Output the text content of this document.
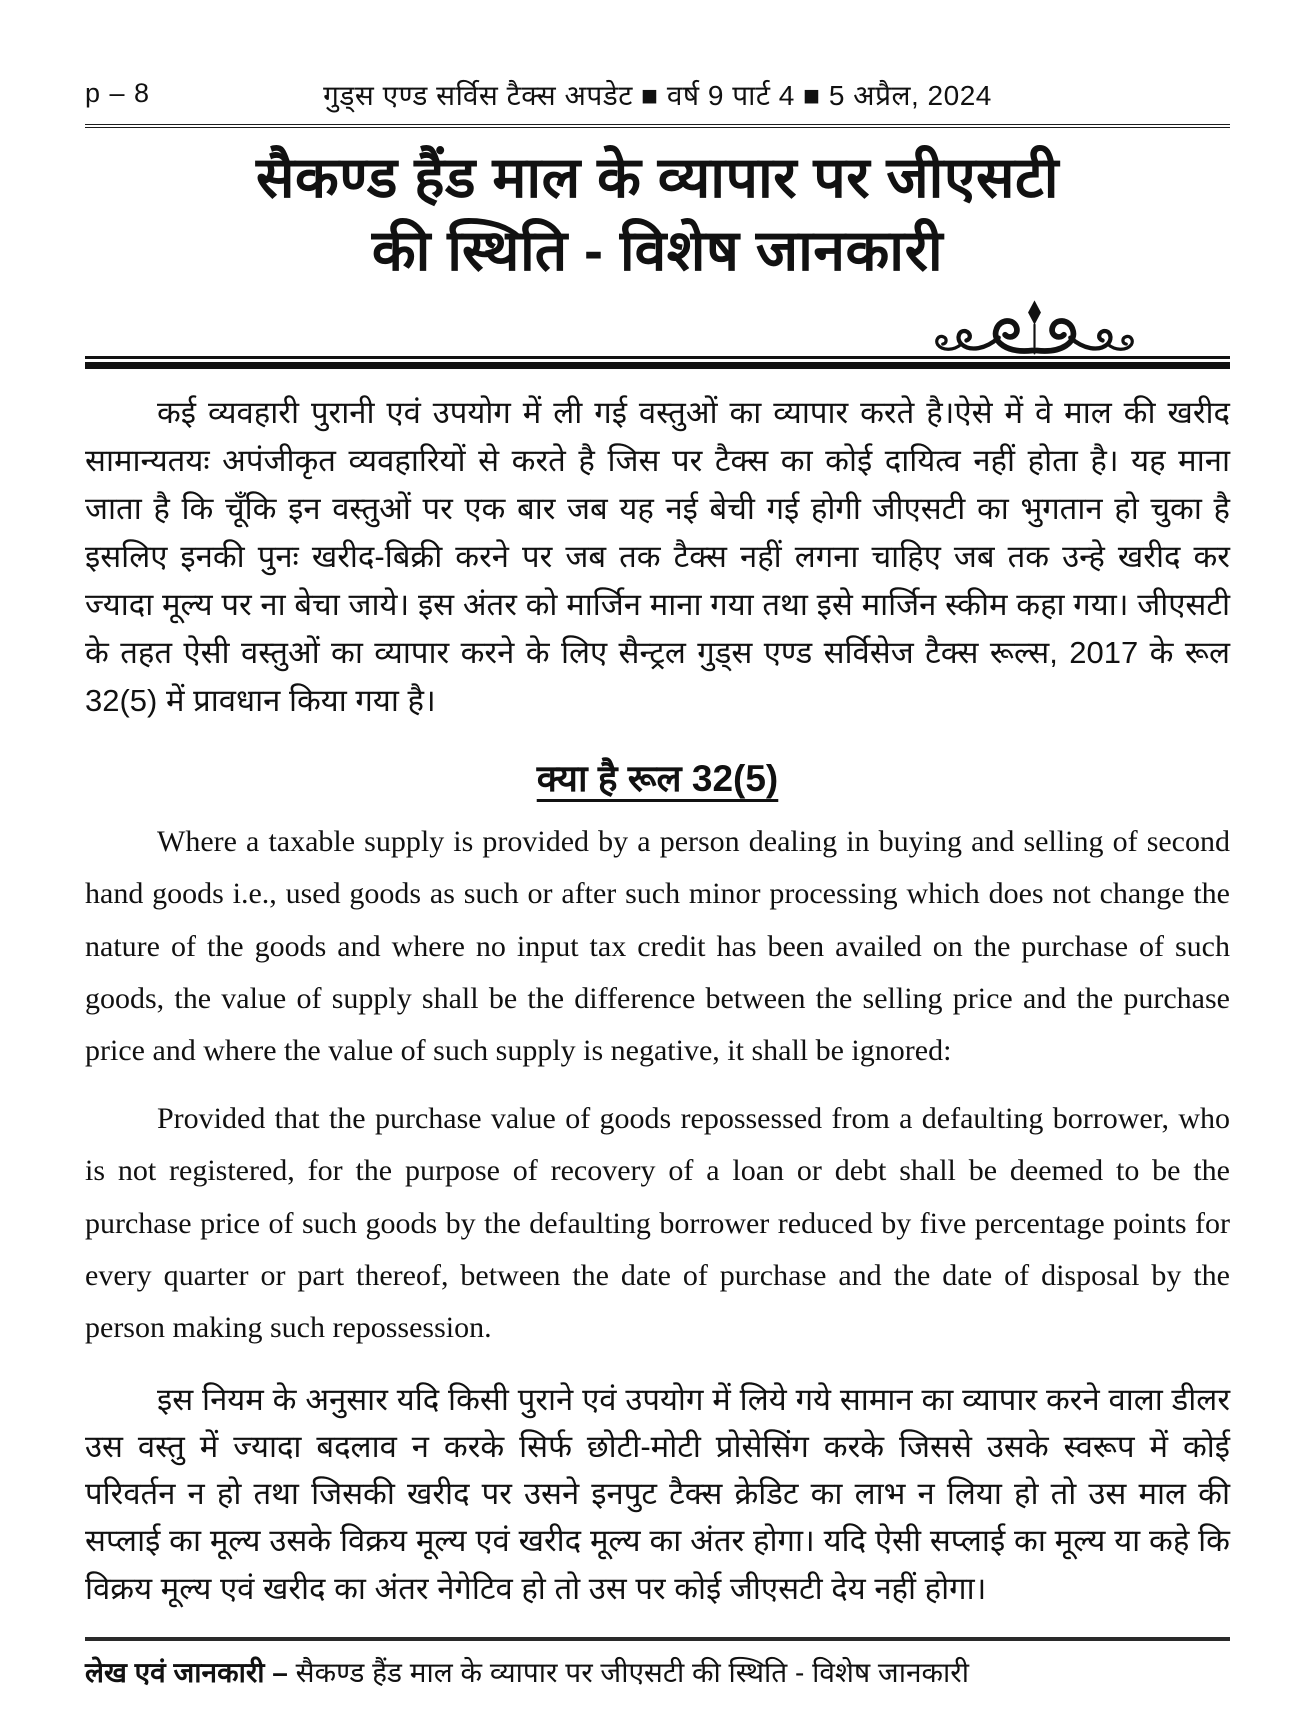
p – 8	गुड्स एण्ड सर्विस टैक्स अपडेट ■ वर्ष 9 पार्ट 4 ■ 5 अप्रैल, 2024
सैकण्ड हैंड माल के व्यापार पर जीएसटी
की स्थिति - विशेष जानकारी

कई व्यवहारी पुरानी एवं उपयोग में ली गई वस्तुओं का व्यापार करते है।ऐसे में वे माल की खरीद सामान्यतयः अपंजीकृत व्यवहारियों से करते है जिस पर टैक्स का कोई दायित्व नहीं होता है। यह माना जाता है कि चूँकि इन वस्तुओं पर एक बार जब यह नई बेची गई होगी जीएसटी का भुगतान हो चुका है इसलिए इनकी पुनः खरीद-बिक्री करने पर जब तक टैक्स नहीं लगना चाहिए जब तक उन्हे खरीद कर ज्यादा मूल्य पर ना बेचा जाये। इस अंतर को मार्जिन माना गया तथा इसे मार्जिन स्कीम कहा गया। जीएसटी के तहत ऐसी वस्तुओं का व्यापार करने के लिए सैन्ट्रल गुड्स एण्ड सर्विसेज टैक्स रूल्स, 2017 के रूल 32(5) में प्रावधान किया गया है।

क्या है रूल 32(5)

Where a taxable supply is provided by a person dealing in buying and selling of second hand goods i.e., used goods as such or after such minor processing which does not change the nature of the goods and where no input tax credit has been availed on the purchase of such goods, the value of supply shall be the difference between the selling price and the purchase price and where the value of such supply is negative, it shall be ignored:

Provided that the purchase value of goods repossessed from a defaulting borrower, who is not registered, for the purpose of recovery of a loan or debt shall be deemed to be the purchase price of such goods by the defaulting borrower reduced by five percentage points for every quarter or part thereof, between the date of purchase and the date of disposal by the person making such repossession.

इस नियम के अनुसार यदि किसी पुराने एवं उपयोग में लिये गये सामान का व्यापार करने वाला डीलर उस वस्तु में ज्यादा बदलाव न करके सिर्फ छोटी-मोटी प्रोसेसिंग करके जिससे उसके स्वरूप में कोई परिवर्तन न हो तथा जिसकी खरीद पर उसने इनपुट टैक्स क्रेडिट का लाभ न लिया हो तो उस माल की सप्लाई का मूल्य उसके विक्रय मूल्य एवं खरीद मूल्य का अंतर होगा। यदि ऐसी सप्लाई का मूल्य या कहे कि विक्रय मूल्य एवं खरीद का अंतर नेगेटिव हो तो उस पर कोई जीएसटी देय नहीं होगा।

लेख एवं जानकारी – सैकण्ड हैंड माल के व्यापार पर जीएसटी की स्थिति - विशेष जानकारी
